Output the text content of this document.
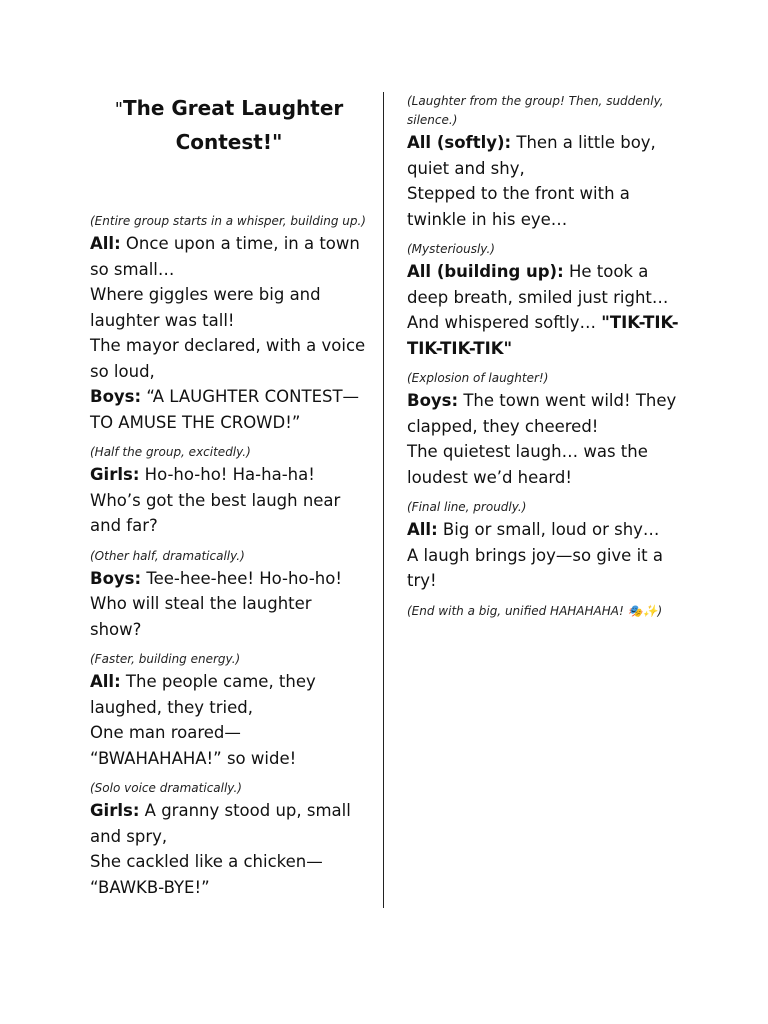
"The Great Laughter
Contest!"
(Entire group starts in a whisper, building up.)

All: Once upon a time, in a town so small…

Where giggles were big and laughter was tall!

The mayor declared, with a voice so loud,

Boys: “A LAUGHTER CONTEST—TO AMUSE THE CROWD!”

(Half the group, excitedly.)

Girls: Ho-ho-ho! Ha-ha-ha!

Who’s got the best laugh near and far?

(Other half, dramatically.)

Boys: Tee-hee-hee! Ho-ho-ho!

Who will steal the laughter show?

(Faster, building energy.)

All: The people came, they laughed, they tried,

One man roared—

“BWAHAHAHA!” so wide!

(Solo voice dramatically.)

Girls: A granny stood up, small and spry,

She cackled like a chicken—

“BAWKB-BYE!”

(Laughter from the group! Then, suddenly, silence.)

All (softly): Then a little boy, quiet and shy,

Stepped to the front with a twinkle in his eye…

(Mysteriously.)

All (building up): He took a deep breath, smiled just right…

And whispered softly… "TIK-TIK-TIK-TIK-TIK"

(Explosion of laughter!)

Boys: The town went wild! They clapped, they cheered!

The quietest laugh… was the loudest we’d heard!

(Final line, proudly.)

All: Big or small, loud or shy…

A laugh brings joy—so give it a try!

(End with a big, unified HAHAHAHA! 🎭✨)
